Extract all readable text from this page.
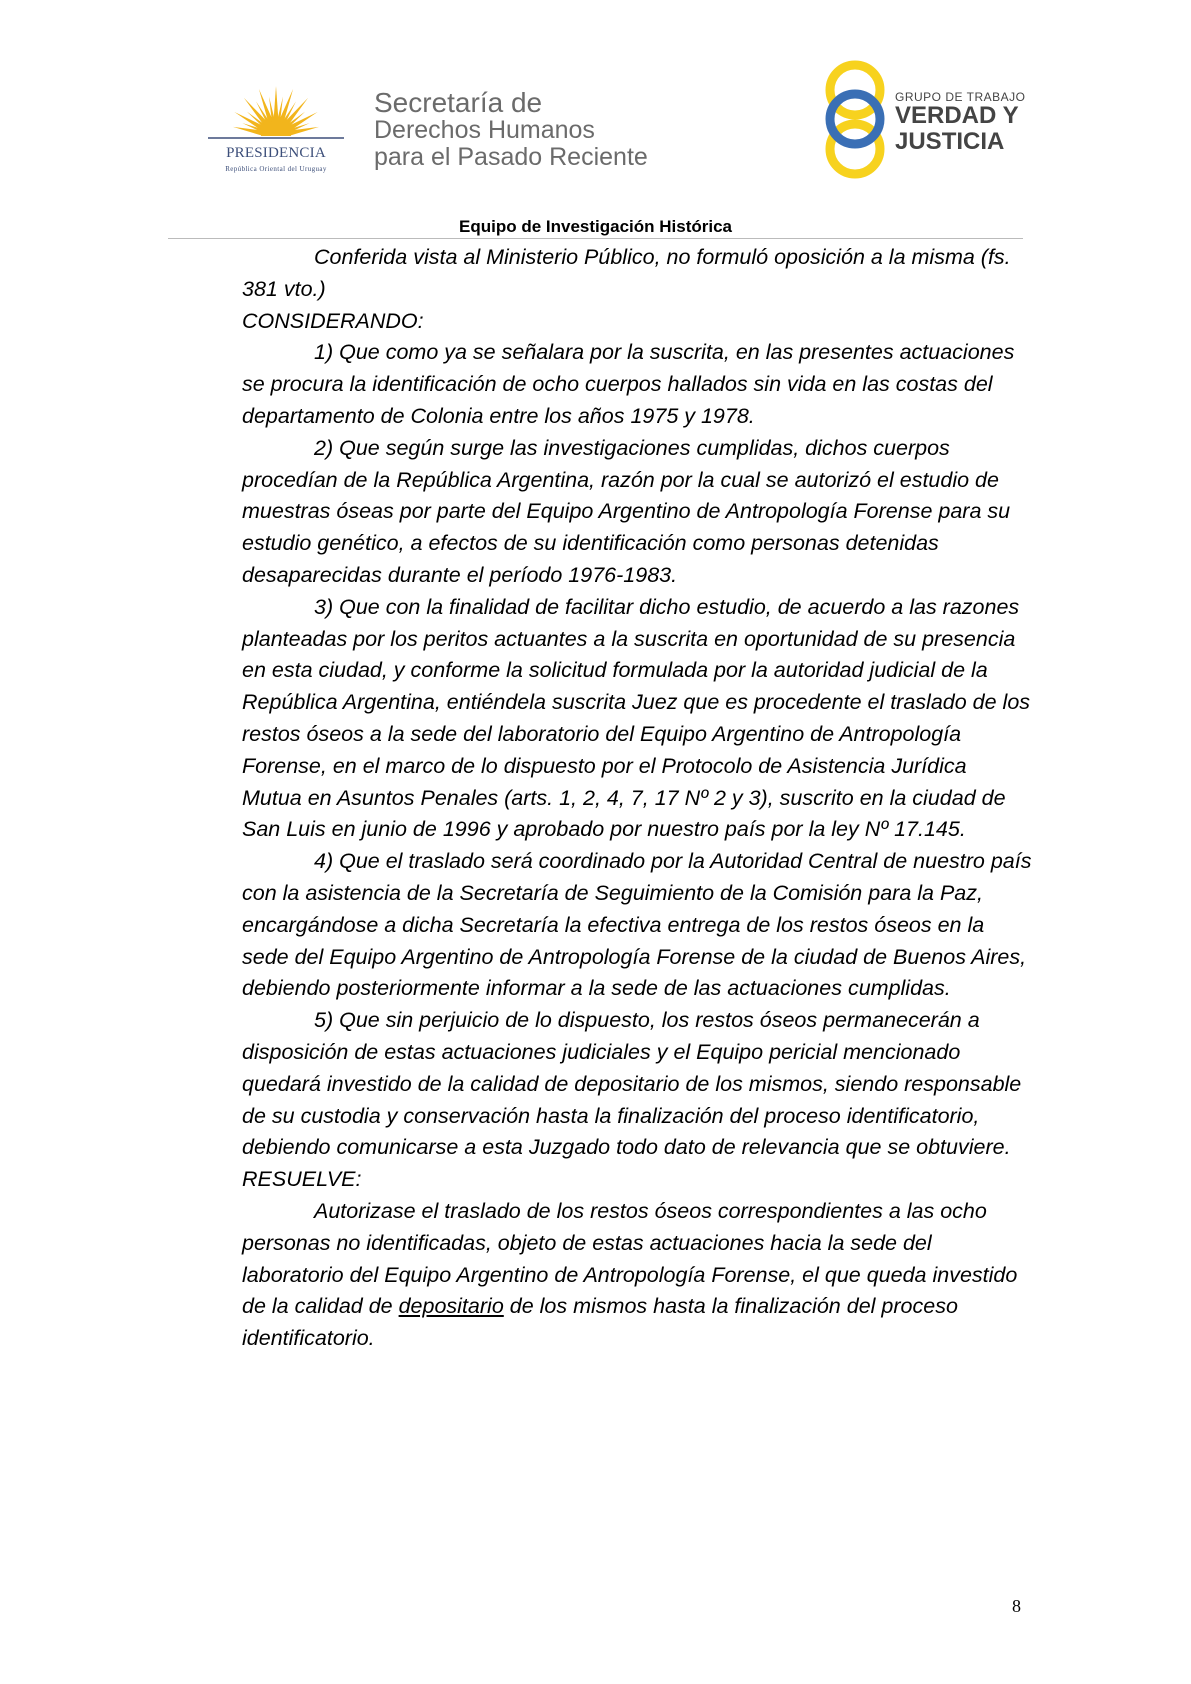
PRESIDENCIA
República Oriental del Uruguay
Secretaría de
Derechos Humanos
para el Pasado Reciente
GRUPO DE TRABAJO
VERDAD Y
JUSTICIA
Equipo de Investigación Histórica

Conferida vista al Ministerio Público, no formuló oposición a la misma (fs. 381 vto.)

CONSIDERANDO:

1) Que como ya se señalara por la suscrita, en las presentes actuaciones se procura la identificación de ocho cuerpos hallados sin vida en las costas del departamento de Colonia entre los años 1975 y 1978.

2) Que según surge las investigaciones cumplidas, dichos cuerpos procedían de la República Argentina, razón por la cual se autorizó el estudio de muestras óseas por parte del Equipo Argentino de Antropología Forense para su estudio genético, a efectos de su identificación como personas detenidas desaparecidas durante el período 1976-1983.

3) Que con la finalidad de facilitar dicho estudio, de acuerdo a las razones planteadas por los peritos actuantes a la suscrita en oportunidad de su presencia en esta ciudad, y conforme la solicitud formulada por la autoridad judicial de la República Argentina, entiéndela suscrita Juez que es procedente el traslado de los restos óseos a la sede del laboratorio del Equipo Argentino de Antropología Forense, en el marco de lo dispuesto por el Protocolo de Asistencia Jurídica Mutua en Asuntos Penales (arts. 1, 2, 4, 7, 17 Nº 2 y 3), suscrito en la ciudad de San Luis en junio de 1996 y aprobado por nuestro país por la ley Nº 17.145.

4) Que el traslado será coordinado por la Autoridad Central de nuestro país con la asistencia de la Secretaría de Seguimiento de la Comisión para la Paz, encargándose a dicha Secretaría la efectiva entrega de los restos óseos en la sede del Equipo Argentino de Antropología Forense de la ciudad de Buenos Aires, debiendo posteriormente informar a la sede de las actuaciones cumplidas.

5) Que sin perjuicio de lo dispuesto, los restos óseos permanecerán a disposición de estas actuaciones judiciales y el Equipo pericial mencionado quedará investido de la calidad de depositario de los mismos, siendo responsable de su custodia y conservación hasta la finalización del proceso identificatorio, debiendo comunicarse a esta Juzgado todo dato de relevancia que se obtuviere.

RESUELVE:

Autorizase el traslado de los restos óseos correspondientes a las ocho personas no identificadas, objeto de estas actuaciones hacia la sede del laboratorio del Equipo Argentino de Antropología Forense, el que queda investido de la calidad de depositario de los mismos hasta la finalización del proceso identificatorio.

8
